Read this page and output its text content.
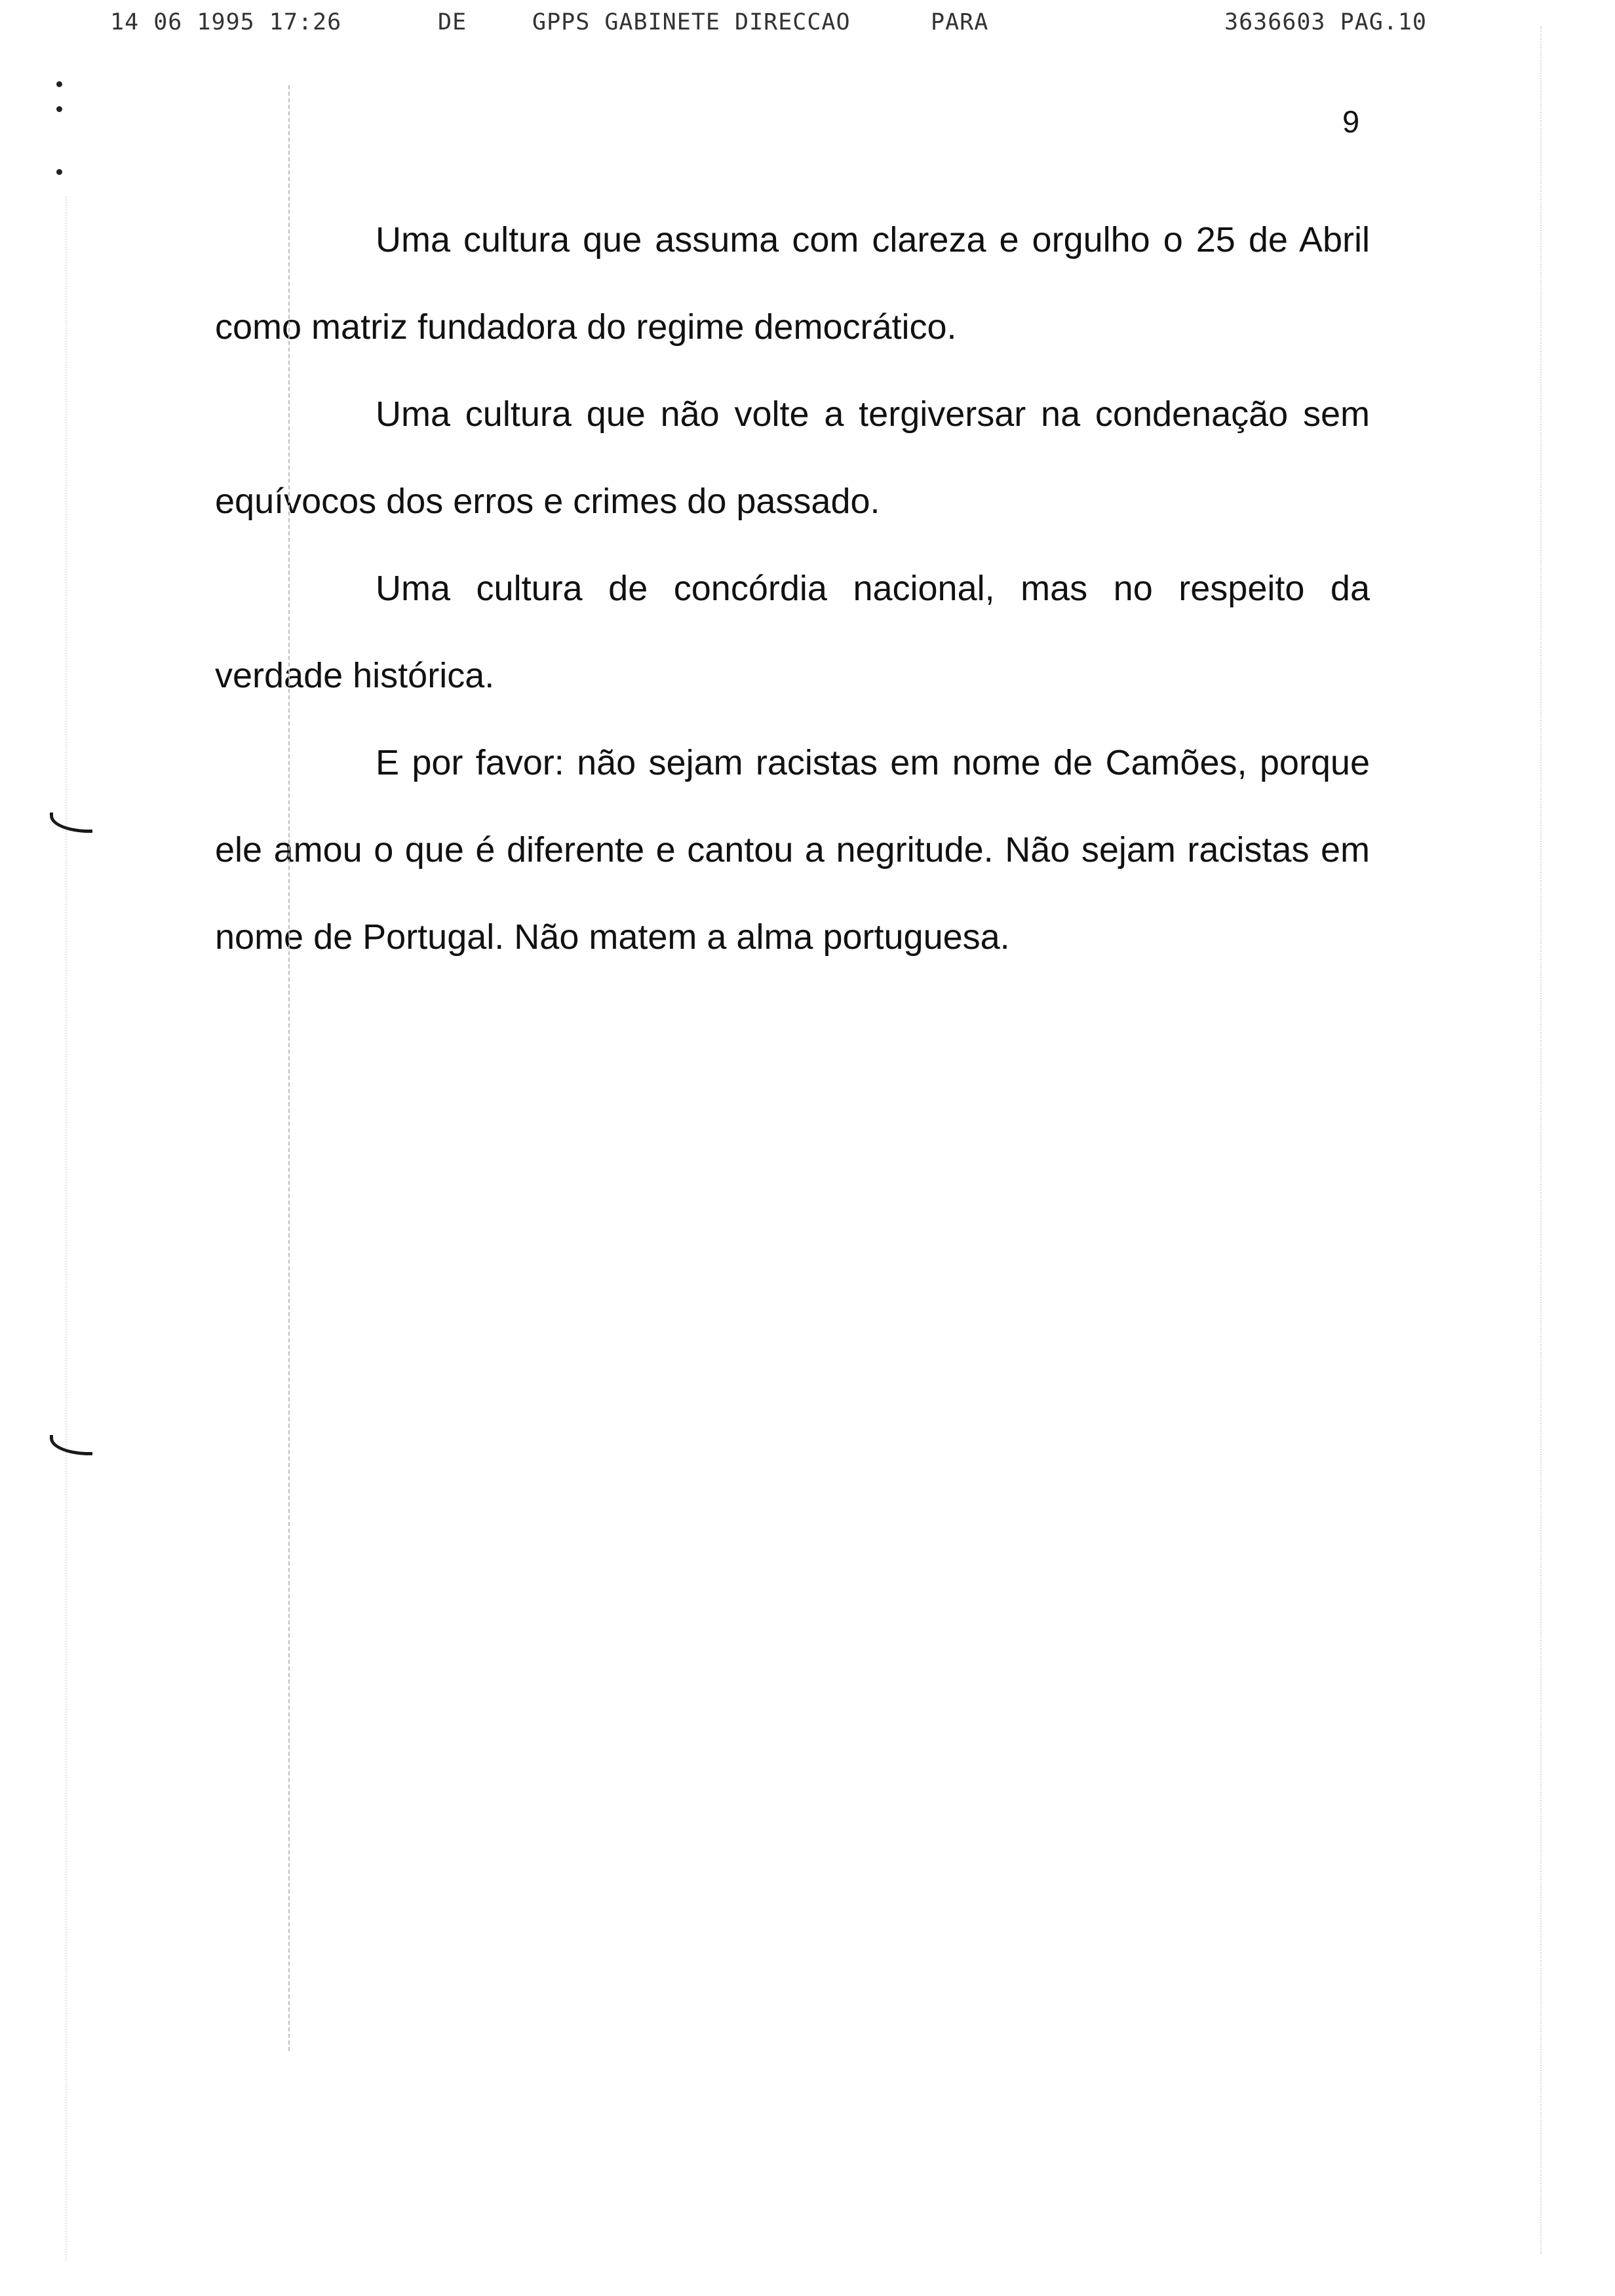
14 06 1995 17:26	DE	GPPS GABINETE DIRECCAO	PARA	3636603 PAG.10
9

Uma cultura que assuma com clareza e orgulho o 25 de Abril como matriz fundadora do regime democrático.

Uma cultura que não volte a tergiversar na condenação sem equívocos dos erros e crimes do passado.

Uma cultura de concórdia nacional, mas no respeito da verdade histórica.

E por favor: não sejam racistas em nome de Camões, porque ele amou o que é diferente e cantou a negritude. Não sejam racistas em nome de Portugal. Não matem a alma portuguesa.
